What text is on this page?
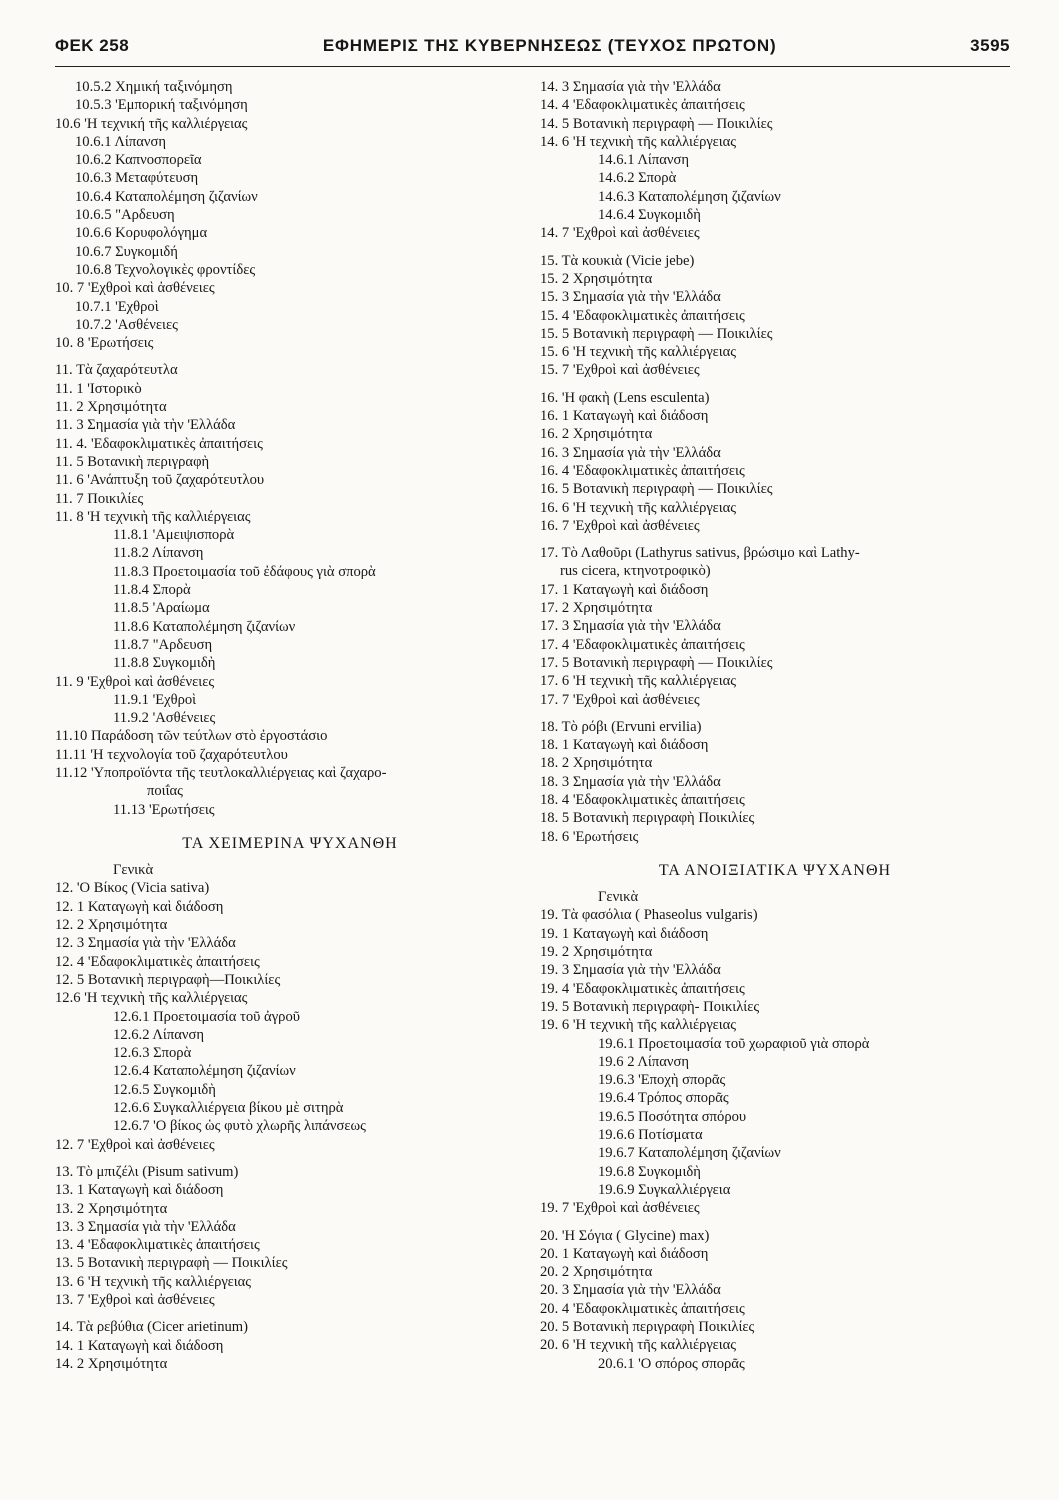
ΦΕΚ 258	ΕΦΗΜΕΡΙΣ ΤΗΣ ΚΥΒΕΡΝΗΣΕΩΣ (ΤΕΥΧΟΣ ΠΡΩΤΟΝ)	3595
10.5.2 Χημική ταξινόμηση
10.5.3 'Εμπορική ταξινόμηση
10.6 'Η τεχνική τῆς καλλιέργειας
10.6.1 Λίπανση
10.6.2 Καπνοσπορεῖα
10.6.3 Μεταφύτευση
10.6.4 Καταπολέμηση ζιζανίων
10.6.5 "Αρδευση
10.6.6 Κορυφολόγημα
10.6.7 Συγκομιδή
10.6.8 Τεχνολογικὲς φροντίδες
10. 7 'Εχθροὶ καὶ ἀσθένειες
10.7.1 'Εχθροὶ
10.7.2 'Ασθένειες
10. 8 'Ερωτήσεις
11. Τὰ ζαχαρότευτλα
11. 1 'Ιστορικὸ
11. 2 Χρησιμότητα
11. 3 Σημασία γιὰ τὴν 'Ελλάδα
11. 4. 'Εδαφοκλιματικὲς ἀπαιτήσεις
11. 5 Βοτανικὴ περιγραφὴ
11. 6 'Ανάπτυξη τοῦ ζαχαρότευτλου
11. 7 Ποικιλίες
11. 8 'Η τεχνικὴ τῆς καλλιέργειας
11.8.1 'Αμειψισπορὰ
11.8.2 Λίπανση
11.8.3 Προετοιμασία τοῦ ἐδάφους γιὰ σπορὰ
11.8.4 Σπορὰ
11.8.5 'Αραίωμα
11.8.6 Καταπολέμηση ζιζανίων
11.8.7 "Αρδευση
11.8.8 Συγκομιδὴ
11. 9 'Εχθροὶ καὶ ἀσθένειες
11.9.1 'Εχθροὶ
11.9.2 'Ασθένειες
11.10 Παράδοση τῶν τεύτλων στὸ ἐργοστάσιο
11.11 'Η τεχνολογία τοῦ ζαχαρότευτλου
11.12 'Υποπροϊόντα τῆς τευτλοκαλλιέργειας καὶ ζαχαρο-
ποιΐας
11.13 'Ερωτήσεις
ΤΑ ΧΕΙΜΕΡΙΝΑ ΨΥΧΑΝΘΗ
Γενικὰ
12. 'Ο Βίκος (Vicia sativa)
12. 1 Καταγωγὴ καὶ διάδοση
12. 2 Χρησιμότητα
12. 3 Σημασία γιὰ τὴν 'Ελλάδα
12. 4 'Εδαφοκλιματικὲς ἀπαιτήσεις
12. 5 Βοτανικὴ περιγραφὴ—Ποικιλίες
12.6 'Η τεχνικὴ τῆς καλλιέργειας
12.6.1 Προετοιμασία τοῦ ἀγροῦ
12.6.2 Λίπανση
12.6.3 Σπορὰ
12.6.4 Καταπολέμηση ζιζανίων
12.6.5 Συγκομιδὴ
12.6.6 Συγκαλλιέργεια βίκου μὲ σιτηρὰ
12.6.7 'Ο βίκος ὡς φυτὸ χλωρῆς λιπάνσεως
12. 7 'Εχθροὶ καὶ ἀσθένειες
13. Τὸ μπιζέλι (Pisum sativum)
13. 1 Καταγωγὴ καὶ διάδοση
13. 2 Χρησιμότητα
13. 3 Σημασία γιὰ τὴν 'Ελλάδα
13. 4 'Εδαφοκλιματικὲς ἀπαιτήσεις
13. 5 Βοτανικὴ περιγραφὴ — Ποικιλίες
13. 6 'Η τεχνικὴ τῆς καλλιέργειας
13. 7 'Εχθροὶ καὶ ἀσθένειες
14. Τὰ ρεβύθια (Cicer arietinum)
14. 1 Καταγωγὴ καὶ διάδοση
14. 2 Χρησιμότητα
14. 3 Σημασία γιὰ τὴν 'Ελλάδα
14. 4 'Εδαφοκλιματικὲς ἀπαιτήσεις
14. 5 Βοτανικὴ περιγραφὴ — Ποικιλίες
14. 6 'Η τεχνικὴ τῆς καλλιέργειας
14.6.1 Λίπανση
14.6.2 Σπορὰ
14.6.3 Καταπολέμηση ζιζανίων
14.6.4 Συγκομιδὴ
14. 7 'Εχθροὶ καὶ ἀσθένειες
15. Τὰ κουκιὰ (Vicie jebe)
15. 2 Χρησιμότητα
15. 3 Σημασία γιὰ τὴν 'Ελλάδα
15. 4 'Εδαφοκλιματικὲς ἀπαιτήσεις
15. 5 Βοτανικὴ περιγραφὴ — Ποικιλίες
15. 6 'Η τεχνικὴ τῆς καλλιέργειας
15. 7 'Εχθροὶ καὶ ἀσθένειες
16. 'Η φακὴ (Lens esculenta)
16. 1 Καταγωγὴ καὶ διάδοση
16. 2 Χρησιμότητα
16. 3 Σημασία γιὰ τὴν 'Ελλάδα
16. 4 'Εδαφοκλιματικὲς ἀπαιτήσεις
16. 5 Βοτανικὴ περιγραφὴ — Ποικιλίες
16. 6 'Η τεχνικὴ τῆς καλλιέργειας
16. 7 'Εχθροὶ καὶ ἀσθένειες
17. Τὸ Λαθοῦρι (Lathyrus sativus, βρώσιμο καὶ Lathy-
rus cicera, κτηνοτροφικὸ)
17. 1 Καταγωγὴ καὶ διάδοση
17. 2 Χρησιμότητα
17. 3 Σημασία γιὰ τὴν 'Ελλάδα
17. 4 'Εδαφοκλιματικὲς ἀπαιτήσεις
17. 5 Βοτανικὴ περιγραφὴ — Ποικιλίες
17. 6 'Η τεχνικὴ τῆς καλλιέργειας
17. 7 'Εχθροὶ καὶ ἀσθένειες
18. Τὸ ρόβι (Ervuni ervilia)
18. 1 Καταγωγὴ καὶ διάδοση
18. 2 Χρησιμότητα
18. 3 Σημασία γιὰ τὴν 'Ελλάδα
18. 4 'Εδαφοκλιματικὲς ἀπαιτήσεις
18. 5 Βοτανικὴ περιγραφὴ Ποικιλίες
18. 6 'Ερωτήσεις
ΤΑ ΑΝΟΙΞΙΑΤΙΚΑ ΨΥΧΑΝΘΗ
Γενικὰ
19. Τὰ φασόλια ( Phaseolus vulgaris)
19. 1 Καταγωγὴ καὶ διάδοση
19. 2 Χρησιμότητα
19. 3 Σημασία γιὰ τὴν 'Ελλάδα
19. 4 'Εδαφοκλιματικὲς ἀπαιτήσεις
19. 5 Βοτανικὴ περιγραφὴ- Ποικιλίες
19. 6 'Η τεχνικὴ τῆς καλλιέργειας
19.6.1 Προετοιμασία τοῦ χωραφιοῦ γιὰ σπορὰ
19.6 2 Λίπανση
19.6.3 'Εποχὴ σπορᾶς
19.6.4 Τρόπος σπορᾶς
19.6.5 Ποσότητα σπόρου
19.6.6 Ποτίσματα
19.6.7 Καταπολέμηση ζιζανίων
19.6.8 Συγκομιδὴ
19.6.9 Συγκαλλιέργεια
19. 7 'Εχθροὶ καὶ ἀσθένειες
20. 'Η Σόγια ( Glycine) max)
20. 1 Καταγωγὴ καὶ διάδοση
20. 2 Χρησιμότητα
20. 3 Σημασία γιὰ τὴν 'Ελλάδα
20. 4 'Εδαφοκλιματικὲς ἀπαιτήσεις
20. 5 Βοτανικὴ περιγραφὴ Ποικιλίες
20. 6 'Η τεχνικὴ τῆς καλλιέργειας
20.6.1 'Ο σπόρος σπορᾶς
